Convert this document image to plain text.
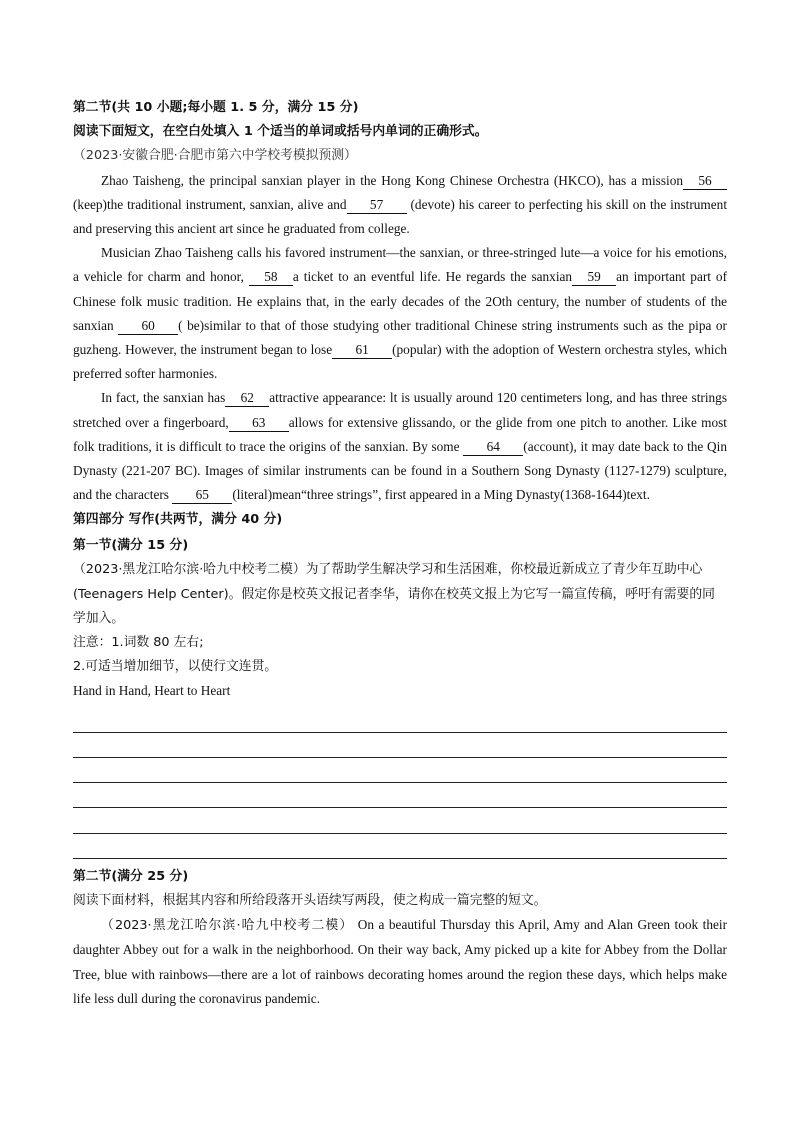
第二节(共 10 小题;每小题 1. 5 分，满分 15 分)
阅读下面短文，在空白处填入 1 个适当的单词或括号内单词的正确形式。
（2023·安徽合肥·合肥市第六中学校考模拟预测）
Zhao Taisheng, the principal sanxian player in the Hong Kong Chinese Orchestra (HKCO), has a mission 56 (keep)the traditional instrument, sanxian, alive and 57 (devote) his career to perfecting his skill on the instrument and preserving this ancient art since he graduated from college.
Musician Zhao Taisheng calls his favored instrument—the sanxian, or three-stringed lute—a voice for his emotions, a vehicle for charm and honor, 58 a ticket to an eventful life. He regards the sanxian 59 an important part of Chinese folk music tradition. He explains that, in the early decades of the 2Oth century, the number of students of the sanxian 60 ( be)similar to that of those studying other traditional Chinese string instruments such as the pipa or guzheng. However, the instrument began to lose 61 (popular) with the adoption of Western orchestra styles, which preferred softer harmonies.
In fact, the sanxian has 62 attractive appearance: lt is usually around 120 centimeters long, and has three strings stretched over a fingerboard, 63 allows for extensive glissando, or the glide from one pitch to another. Like most folk traditions, it is difficult to trace the origins of the sanxian. By some 64 (account), it may date back to the Qin Dynasty (221-207 BC). Images of similar instruments can be found in a Southern Song Dynasty (1127-1279) sculpture, and the characters 65 (literal)mean“three strings”, first appeared in a Ming Dynasty(1368-1644)text.
第四部分 写作(共两节，满分 40 分)
第一节(满分 15 分)
（2023·黑龙江哈尔滨·哈九中校考二模）为了帮助学生解决学习和生活困难，你校最近新成立了青少年互助中心(Teenagers Help Center)。假定你是校英文报记者李华，请你在校英文报上为它写一篇宣传稿，呼吁有需要的同学加入。
注意：1.词数 80 左右;
2.可适当增加细节，以使行文连贯。
Hand in Hand, Heart to Heart
第二节(满分 25 分)
阅读下面材料，根据其内容和所给段落开头语续写两段，使之构成一篇完整的短文。
（2023·黑龙江哈尔滨·哈九中校考二模） On a beautiful Thursday this April, Amy and Alan Green took their daughter Abbey out for a walk in the neighborhood. On their way back, Amy picked up a kite for Abbey from the Dollar Tree, blue with rainbows—there are a lot of rainbows decorating homes around the region these days, which helps make life less dull during the coronavirus pandemic.
